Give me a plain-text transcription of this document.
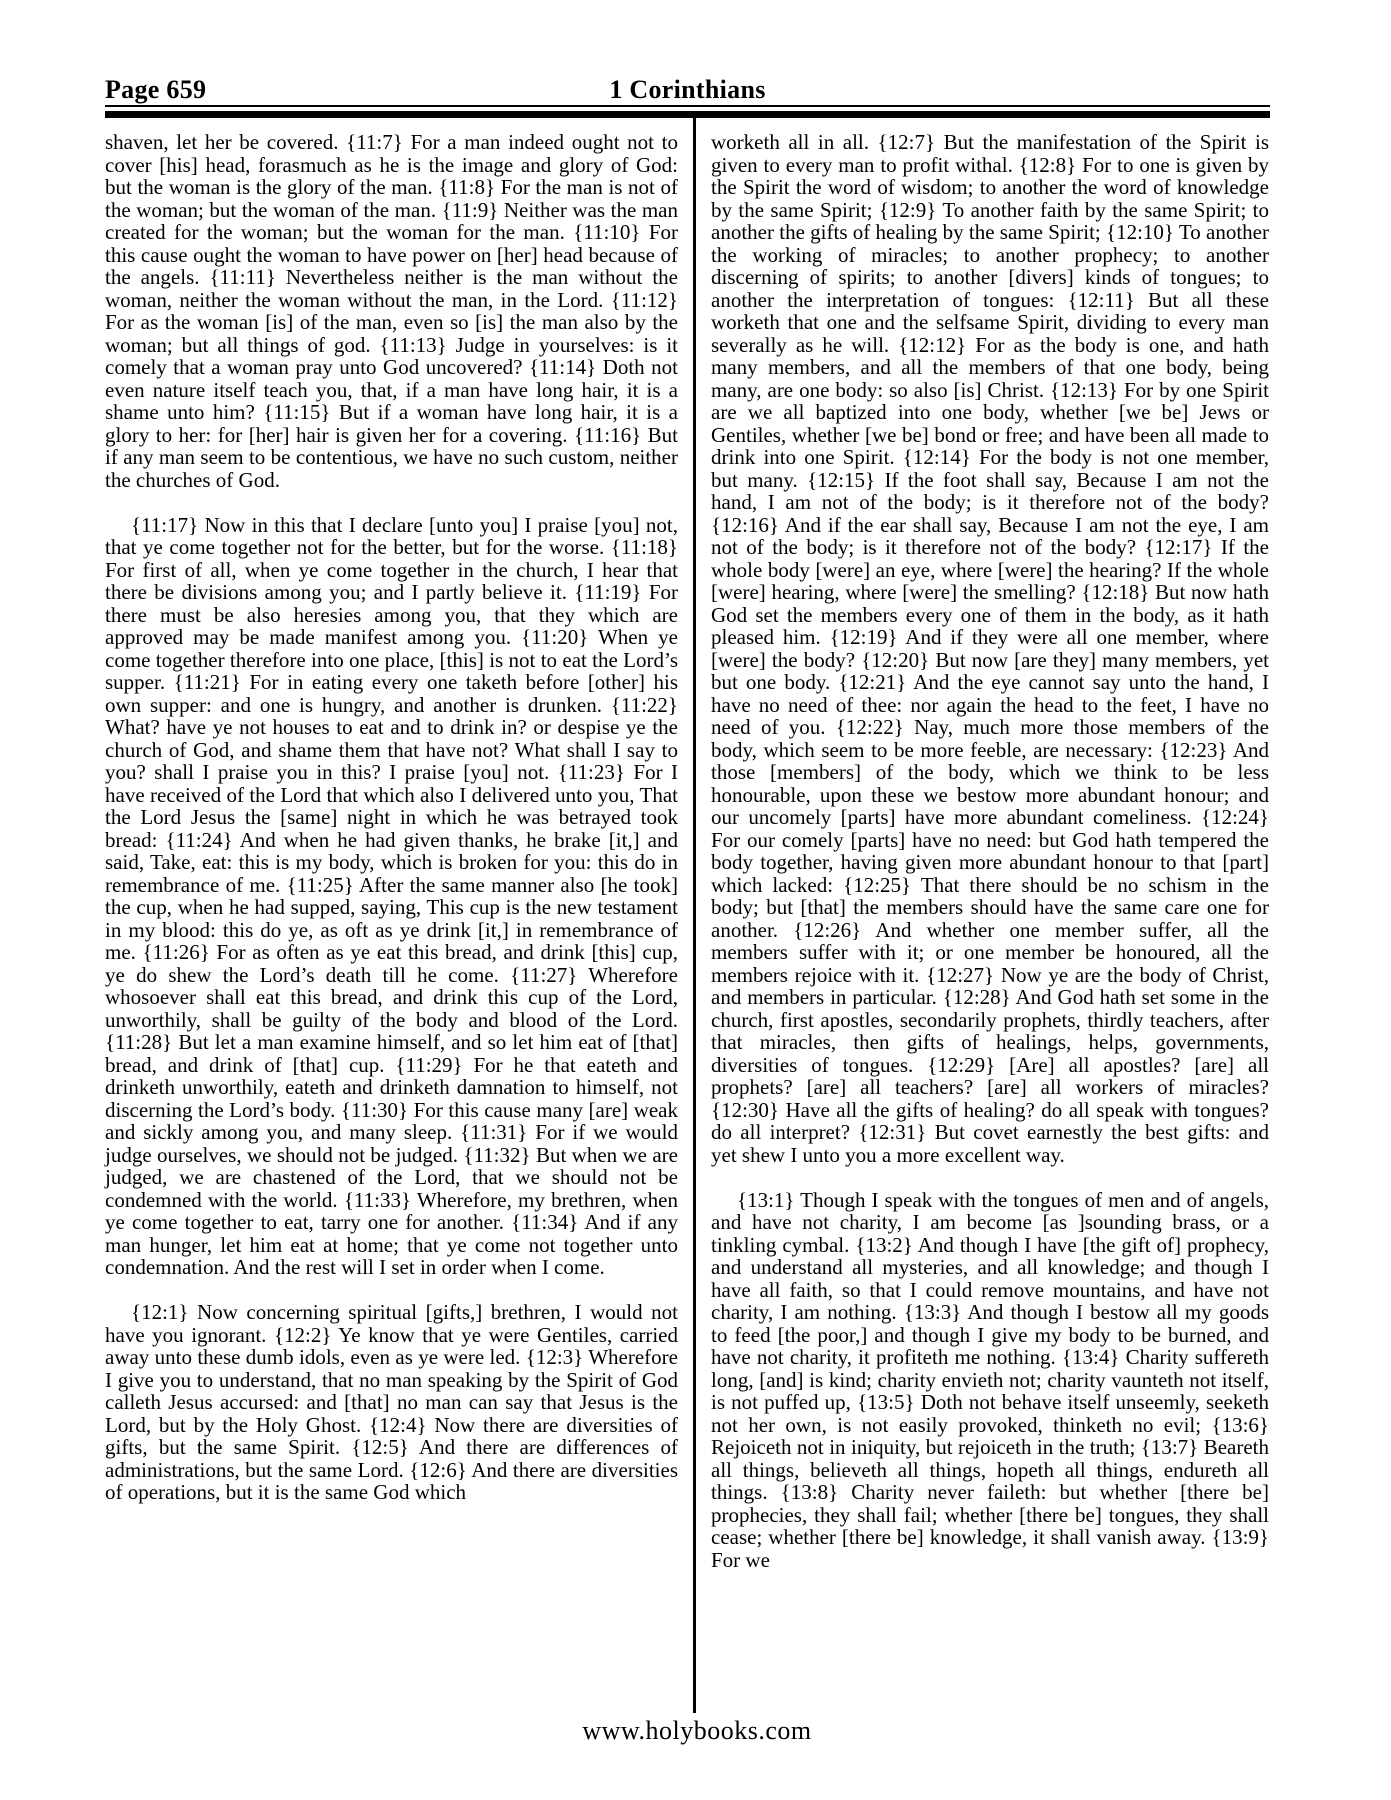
Page 659	1 Corinthians

shaven, let her be covered. {11:7} For a man indeed ought not to cover [his] head, forasmuch as he is the image and glory of God: but the woman is the glory of the man. {11:8} For the man is not of the woman; but the woman of the man. {11:9} Neither was the man created for the woman; but the woman for the man. {11:10} For this cause ought the woman to have power on [her] head because of the angels. {11:11} Nevertheless neither is the man without the woman, neither the woman without the man, in the Lord. {11:12} For as the woman [is] of the man, even so [is] the man also by the woman; but all things of god. {11:13} Judge in yourselves: is it comely that a woman pray unto God uncovered? {11:14} Doth not even nature itself teach you, that, if a man have long hair, it is a shame unto him? {11:15} But if a woman have long hair, it is a glory to her: for [her] hair is given her for a covering. {11:16} But if any man seem to be contentious, we have no such custom, neither the churches of God.

{11:17} Now in this that I declare [unto you] I praise [you] not, that ye come together not for the better, but for the worse. {11:18} For first of all, when ye come together in the church, I hear that there be divisions among you; and I partly believe it. {11:19} For there must be also heresies among you, that they which are approved may be made manifest among you. {11:20} When ye come together therefore into one place, [this] is not to eat the Lord’s supper. {11:21} For in eating every one taketh before [other] his own supper: and one is hungry, and another is drunken. {11:22} What? have ye not houses to eat and to drink in? or despise ye the church of God, and shame them that have not? What shall I say to you? shall I praise you in this? I praise [you] not. {11:23} For I have received of the Lord that which also I delivered unto you, That the Lord Jesus the [same] night in which he was betrayed took bread: {11:24} And when he had given thanks, he brake [it,] and said, Take, eat: this is my body, which is broken for you: this do in remembrance of me. {11:25} After the same manner also [he took] the cup, when he had supped, saying, This cup is the new testament in my blood: this do ye, as oft as ye drink [it,] in remembrance of me. {11:26} For as often as ye eat this bread, and drink [this] cup, ye do shew the Lord’s death till he come. {11:27} Wherefore whosoever shall eat this bread, and drink this cup of the Lord, unworthily, shall be guilty of the body and blood of the Lord. {11:28} But let a man examine himself, and so let him eat of [that] bread, and drink of [that] cup. {11:29} For he that eateth and drinketh unworthily, eateth and drinketh damnation to himself, not discerning the Lord’s body. {11:30} For this cause many [are] weak and sickly among you, and many sleep. {11:31} For if we would judge ourselves, we should not be judged. {11:32} But when we are judged, we are chastened of the Lord, that we should not be condemned with the world. {11:33} Wherefore, my brethren, when ye come together to eat, tarry one for another. {11:34} And if any man hunger, let him eat at home; that ye come not together unto condemnation. And the rest will I set in order when I come.

{12:1} Now concerning spiritual [gifts,] brethren, I would not have you ignorant. {12:2} Ye know that ye were Gentiles, carried away unto these dumb idols, even as ye were led. {12:3} Wherefore I give you to understand, that no man speaking by the Spirit of God calleth Jesus accursed: and [that] no man can say that Jesus is the Lord, but by the Holy Ghost. {12:4} Now there are diversities of gifts, but the same Spirit. {12:5} And there are differences of administrations, but the same Lord. {12:6} And there are diversities of operations, but it is the same God which

worketh all in all. {12:7} But the manifestation of the Spirit is given to every man to profit withal. {12:8} For to one is given by the Spirit the word of wisdom; to another the word of knowledge by the same Spirit; {12:9} To another faith by the same Spirit; to another the gifts of healing by the same Spirit; {12:10} To another the working of miracles; to another prophecy; to another discerning of spirits; to another [divers] kinds of tongues; to another the interpretation of tongues: {12:11} But all these worketh that one and the selfsame Spirit, dividing to every man severally as he will. {12:12} For as the body is one, and hath many members, and all the members of that one body, being many, are one body: so also [is] Christ. {12:13} For by one Spirit are we all baptized into one body, whether [we be] Jews or Gentiles, whether [we be] bond or free; and have been all made to drink into one Spirit. {12:14} For the body is not one member, but many. {12:15} If the foot shall say, Because I am not the hand, I am not of the body; is it therefore not of the body? {12:16} And if the ear shall say, Because I am not the eye, I am not of the body; is it therefore not of the body? {12:17} If the whole body [were] an eye, where [were] the hearing? If the whole [were] hearing, where [were] the smelling? {12:18} But now hath God set the members every one of them in the body, as it hath pleased him. {12:19} And if they were all one member, where [were] the body? {12:20} But now [are they] many members, yet but one body. {12:21} And the eye cannot say unto the hand, I have no need of thee: nor again the head to the feet, I have no need of you. {12:22} Nay, much more those members of the body, which seem to be more feeble, are necessary: {12:23} And those [members] of the body, which we think to be less honourable, upon these we bestow more abundant honour; and our uncomely [parts] have more abundant comeliness. {12:24} For our comely [parts] have no need: but God hath tempered the body together, having given more abundant honour to that [part] which lacked: {12:25} That there should be no schism in the body; but [that] the members should have the same care one for another. {12:26} And whether one member suffer, all the members suffer with it; or one member be honoured, all the members rejoice with it. {12:27} Now ye are the body of Christ, and members in particular. {12:28} And God hath set some in the church, first apostles, secondarily prophets, thirdly teachers, after that miracles, then gifts of healings, helps, governments, diversities of tongues. {12:29} [Are] all apostles? [are] all prophets? [are] all teachers? [are] all workers of miracles? {12:30} Have all the gifts of healing? do all speak with tongues? do all interpret? {12:31} But covet earnestly the best gifts: and yet shew I unto you a more excellent way.

{13:1} Though I speak with the tongues of men and of angels, and have not charity, I am become [as ]sounding brass, or a tinkling cymbal. {13:2} And though I have [the gift of] prophecy, and understand all mysteries, and all knowledge; and though I have all faith, so that I could remove mountains, and have not charity, I am nothing. {13:3} And though I bestow all my goods to feed [the poor,] and though I give my body to be burned, and have not charity, it profiteth me nothing. {13:4} Charity suffereth long, [and] is kind; charity envieth not; charity vaunteth not itself, is not puffed up, {13:5} Doth not behave itself unseemly, seeketh not her own, is not easily provoked, thinketh no evil; {13:6} Rejoiceth not in iniquity, but rejoiceth in the truth; {13:7} Beareth all things, believeth all things, hopeth all things, endureth all things. {13:8} Charity never faileth: but whether [there be] prophecies, they shall fail; whether [there be] tongues, they shall cease; whether [there be] knowledge, it shall vanish away. {13:9} For we

www.holybooks.com
